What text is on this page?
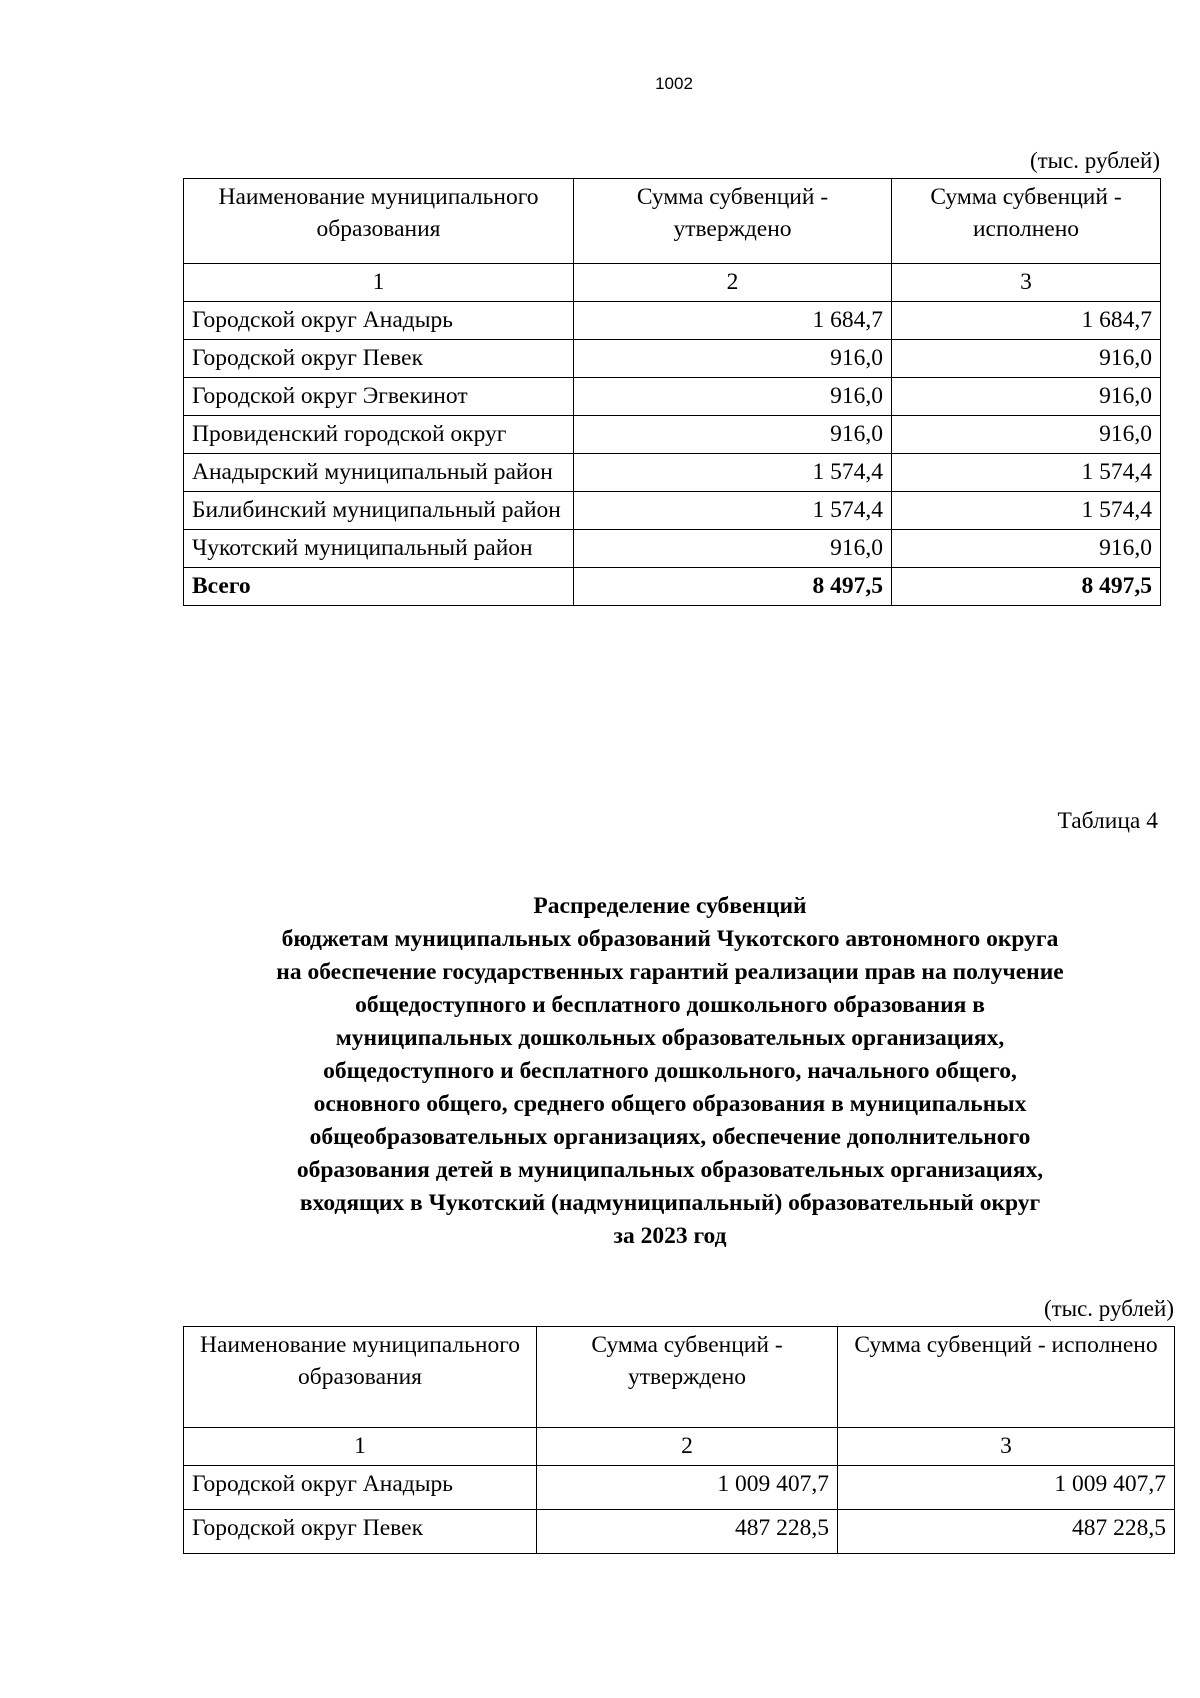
1002
(тыс. рублей)
Наименование муниципального образования	Сумма субвенций - утверждено	Сумма субвенций - исполнено
1	2	3
Городской округ Анадырь	1 684,7	1 684,7
Городской округ Певек	916,0	916,0
Городской округ Эгвекинот	916,0	916,0
Провиденский городской округ	916,0	916,0
Анадырский муниципальный район	1 574,4	1 574,4
Билибинский муниципальный район	1 574,4	1 574,4
Чукотский муниципальный район	916,0	916,0
Всего	8 497,5	8 497,5
Таблица 4
Распределение субвенций
бюджетам муниципальных образований Чукотского автономного округа
на обеспечение государственных гарантий реализации прав на получение
общедоступного и бесплатного дошкольного образования в
муниципальных дошкольных образовательных организациях,
общедоступного и бесплатного дошкольного, начального общего,
основного общего, среднего общего образования в муниципальных
общеобразовательных организациях, обеспечение дополнительного
образования детей в муниципальных образовательных организациях,
входящих в Чукотский (надмуниципальный) образовательный округ
за 2023 год
(тыс. рублей)
Наименование муниципального образования	Сумма субвенций - утверждено	Сумма субвенций - исполнено
1	2	3
Городской округ Анадырь	1 009 407,7	1 009 407,7
Городской округ Певек	487 228,5	487 228,5
